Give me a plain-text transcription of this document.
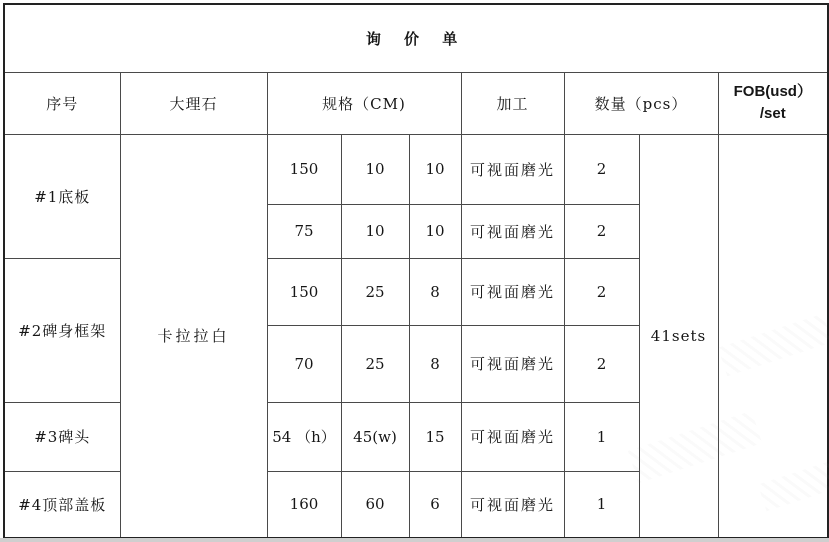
询 价 单								
序号	大理石	规格（CM)			加工	数量（pcs）		FOB(usd）
/set

#1底板	卡拉拉白	150	10	10	可视面磨光	2	41sets	
		75	10	10	可视面磨光	2		
#2碑身框架		150	25	8	可视面磨光	2		
		70	25	8	可视面磨光	2		
#3碑头		54 （h）	45(w)	15	可视面磨光	1		
#4顶部盖板		160	60	6	可视面磨光	1		
